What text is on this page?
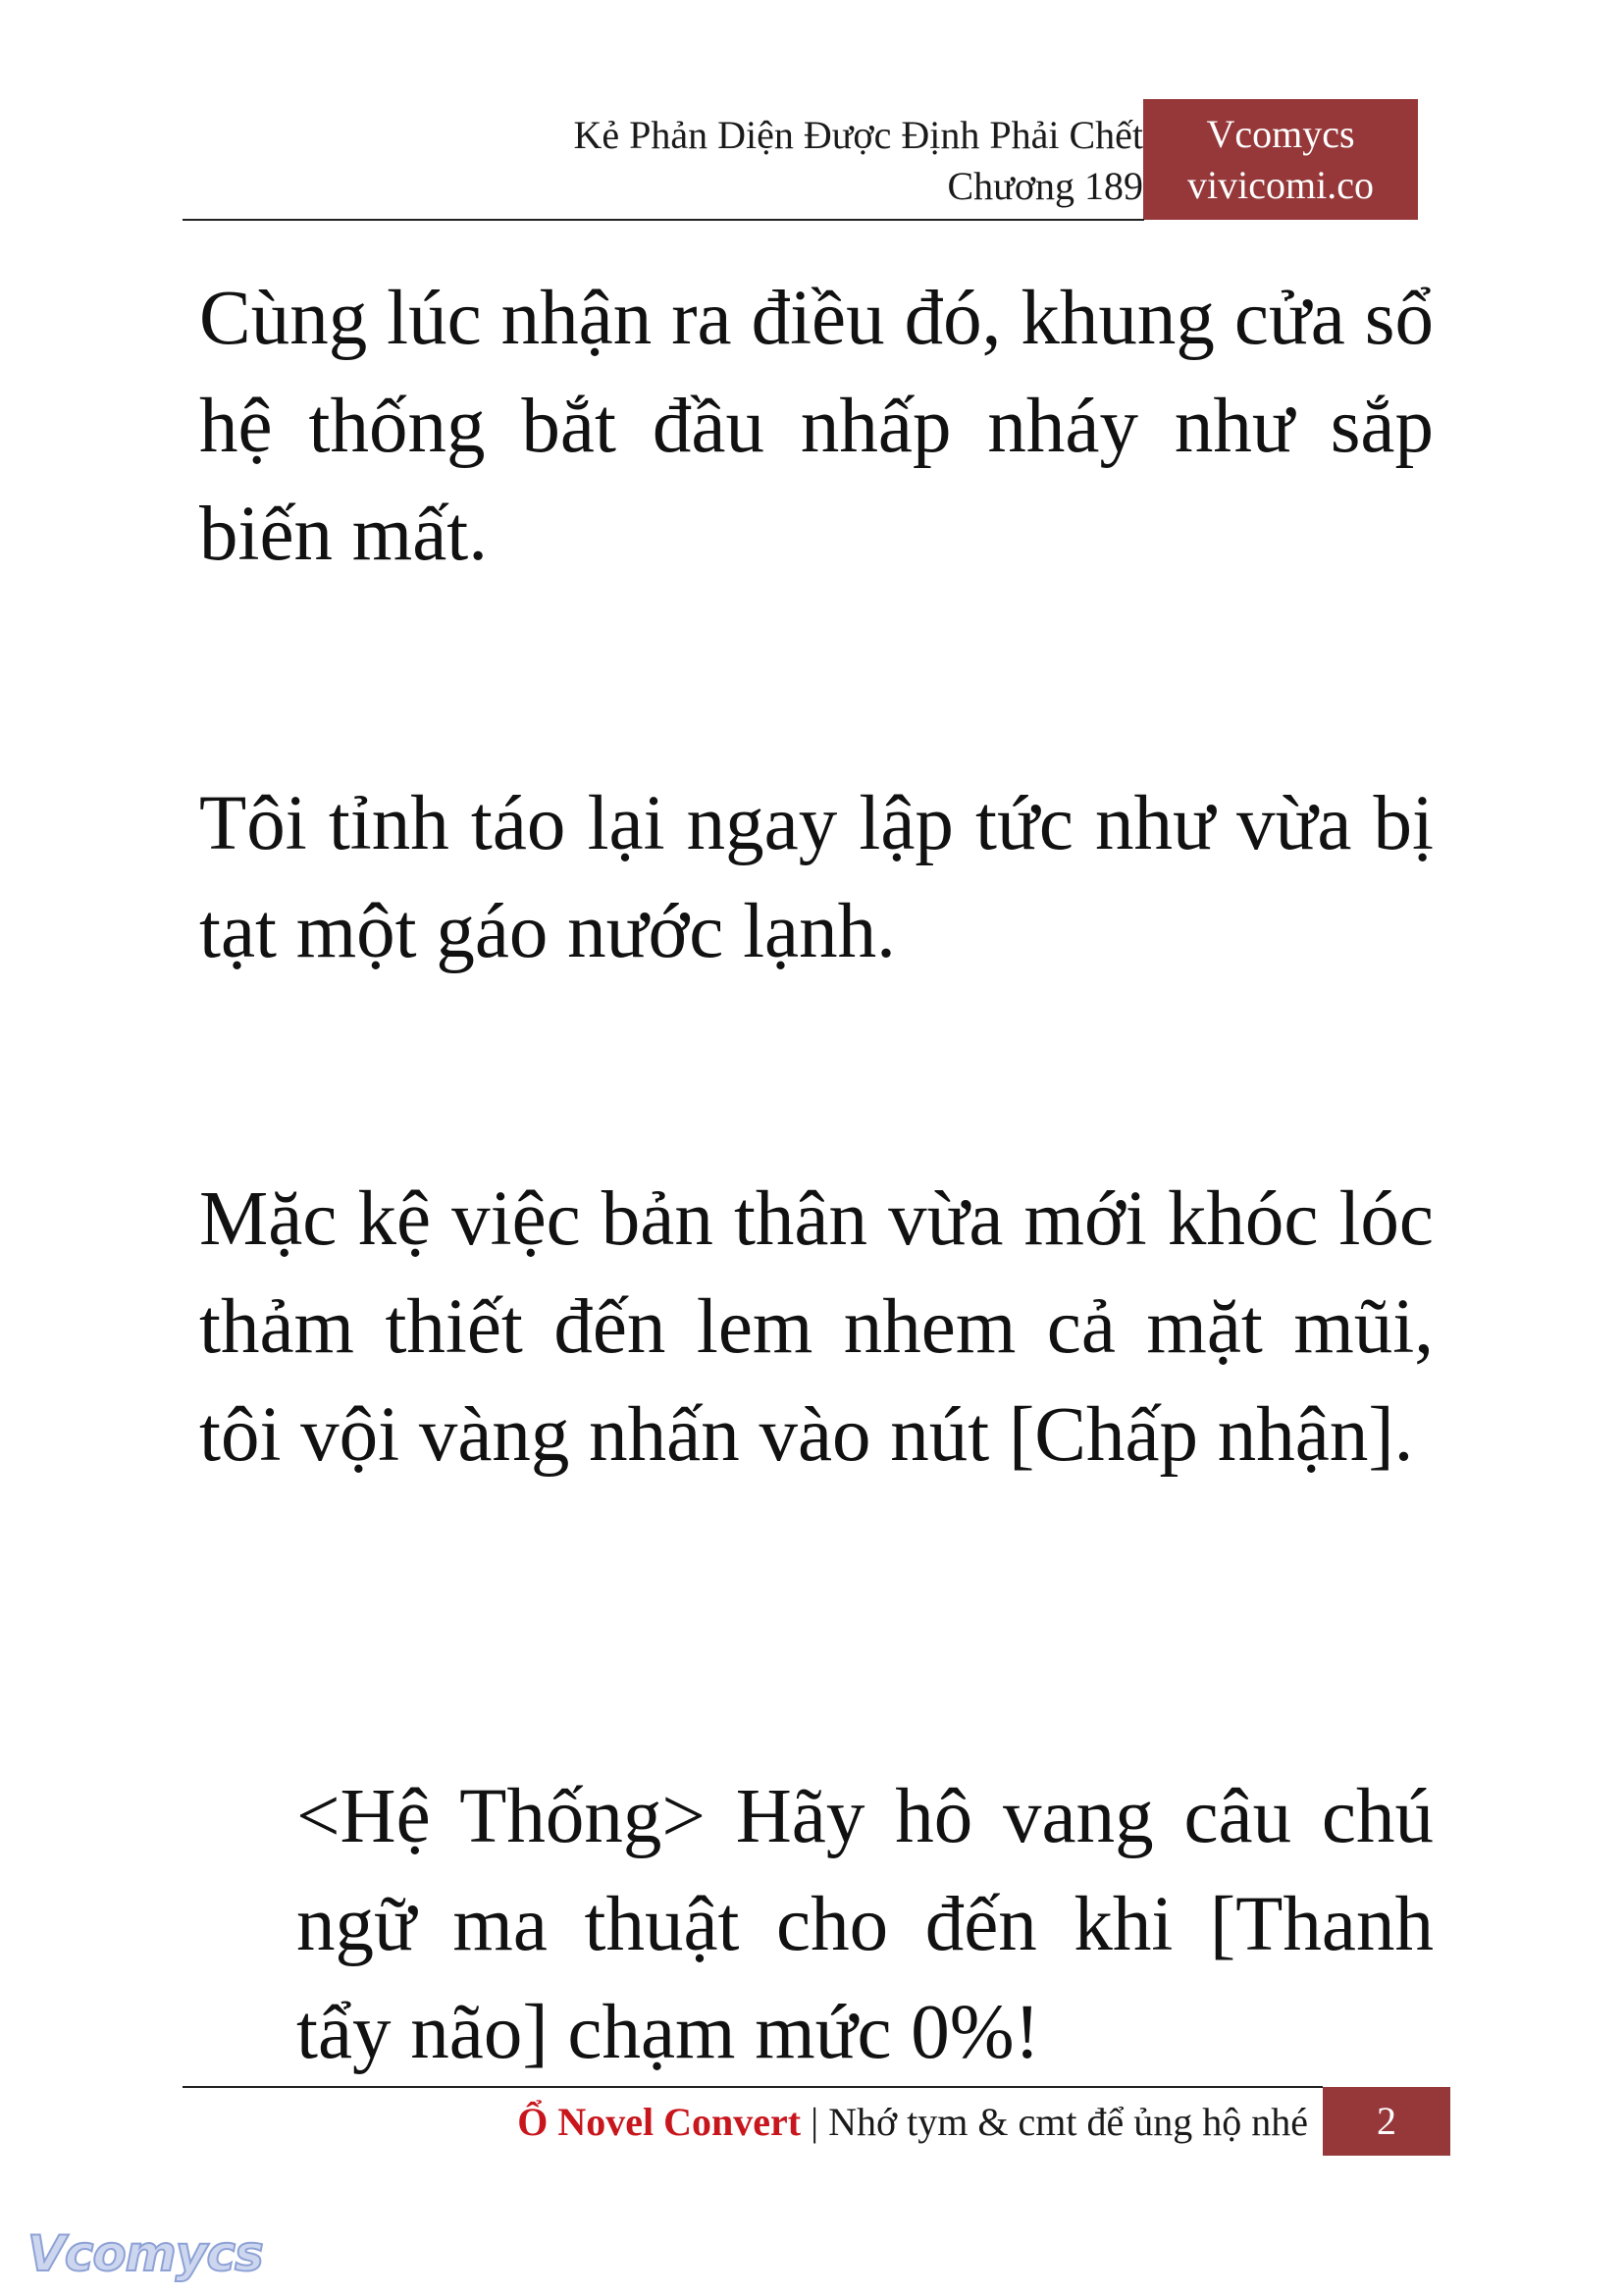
Kẻ Phản Diện Được Định Phải Chết
Chương 189
Vcomycs
vivicomi.co
Cùng lúc nhận ra điều đó, khung cửa sổ hệ thống bắt đầu nhấp nháy như sắp biến mất.
Tôi tỉnh táo lại ngay lập tức như vừa bị tạt một gáo nước lạnh.
Mặc kệ việc bản thân vừa mới khóc lóc thảm thiết đến lem nhem cả mặt mũi, tôi vội vàng nhấn vào nút [Chấp nhận].
<Hệ Thống> Hãy hô vang câu chú ngữ ma thuật cho đến khi [Thanh tẩy não] chạm mức 0%!
Ổ Novel Convert | Nhớ tym & cmt để ủng hộ nhé	2
Vcomycs
